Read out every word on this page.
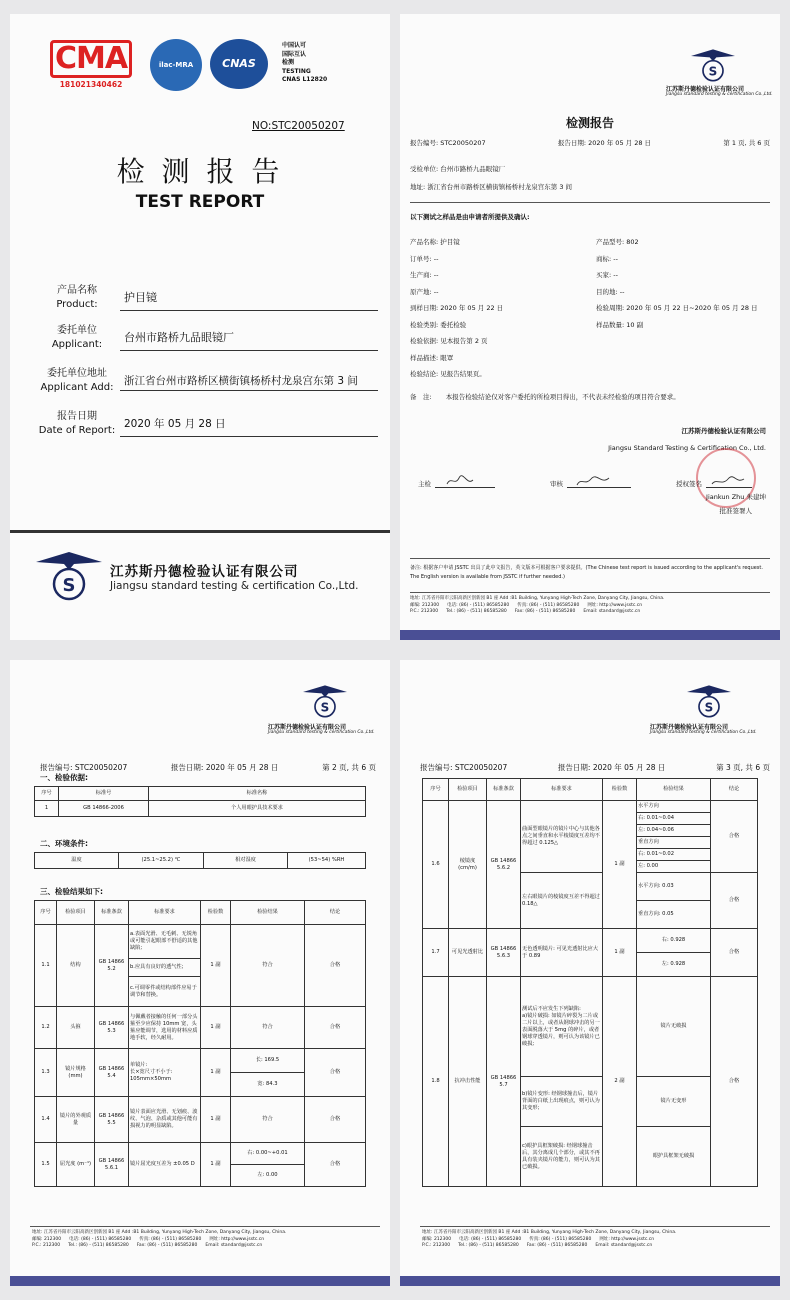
CMA
181021340462
ilac-MRA	CNAS
中国认可
国际互认
检测
TESTING
CNAS L12820
NO:STC20050207
检 测 报 告
TEST REPORT
产品名称
Product:
护目镜
委托单位
Applicant:
台州市路桥九品眼镜厂
委托单位地址
Applicant Add:
浙江省台州市路桥区横街镇杨桥村龙泉宫东第 3 间
报告日期
Date of Report:
2020 年 05 月 28 日
S
江苏斯丹德检验认证有限公司
Jiangsu standard testing & certification Co.,Ltd.
S
江苏斯丹德检验认证有限公司
Jiangsu standard testing & certification Co.,Ltd.
检测报告
报告编号: STC20050207	报告日期: 2020 年 05 月 28 日	第 1 页, 共 6 页
受检单位: 台州市路桥九品眼镜厂
地址: 浙江省台州市路桥区横街镇杨桥村龙泉宫东第 3 间
以下测试之样品是由申请者所提供及确认:
产品名称: 护目镜
订单号: --
生产商: --
原产地: --
到样日期: 2020 年 05 月 22 日
检验类别: 委托检验
检验依据: 见本报告第 2 页
样品描述: 眼罩
检验结论: 见报告结果页。
产品型号: 802
商标: --
买家: --
目的地: --
检验周期: 2020 年 05 月 22 日~2020 年 05 月 28 日
样品数量: 10 副
备　注: 本报告检验结论仅对客户委托的所检项目得出，不代表未经检验的项目符合要求。
江苏斯丹德检验认证有限公司
Jiangsu Standard Testing & Certification Co., Ltd.
主检	审核	授权签名
Jiankun Zhu 朱建坤
批准签署人
备注: 根据客户申请 JSSTC 出具了此中文报告，英文版本可根据客户要求提供。(The Chinese test report is issued according to the applicant's request. The English version is available from JSSTC if further needed.)
地址: 江苏省丹阳市云阳高新区创新园 B1 座 Add :B1 Building, Yunyang High-Tech Zone, Danyang City, Jiangsu, China.
邮编: 212300 电话: (86) - (511) 86585280 传真: (86) - (511) 86585280 网址: http://www.jsstc.cn
P.C.: 212300 Tel.: (86) - (511) 86585280 Fax: (86) - (511) 86585280 Email: standard@jsstc.cn
S
江苏斯丹德检验认证有限公司
Jiangsu standard testing & certification Co.,Ltd.
报告编号: STC20050207	报告日期: 2020 年 05 月 28 日	第 2 页, 共 6 页
一、检验依据:
序号	标准号	标准名称
1	GB 14866-2006	个人用眼护具技术要求
二、环境条件:
温度	(25.1~25.2) ℃	相对湿度	(53~54) %RH
三、检验结果如下:
序号	检验项目	标准条款	标准要求	检验数	检验结果	结论
1.1	结构	GB 14866 5.2	a.表面光滑、无毛刺、无锐角或可能引起眼部不舒适的其他缺陷;	1 副	符合	合格
			b.应具有良好的透气性;			
			c.可调零件或结构部件应易于调节和替换。			
1.2	头箍	GB 14866 5.3	与佩戴者接触的任何一部分头箍至少应保持 10mm 宽，头箍应能调节，选用的材料应质地手软，经久耐用。	1 副	符合	合格
1.3	镜片规格 (mm)	GB 14866 5.4	单镜片:
长×宽尺寸不小于:
105mm×50mm	1 副	长: 169.5	合格
					宽: 84.3	
1.4	镜片的外观质量	GB 14866 5.5	镜片表面应光滑、无划痕、波纹、气泡、杂质或其他可能有损视力的明显缺陷。	1 副	符合	合格
1.5	屈光度 (m⁻¹)	GB 14866 5.6.1	镜片屈光度互差为 ±0.05 D	1 副	右: 0.00~+0.01	合格
					左: 0.00	
地址: 江苏省丹阳市云阳高新区创新园 B1 座 Add :B1 Building, Yunyang High-Tech Zone, Danyang City, Jiangsu, China.
邮编: 212300 电话: (86) - (511) 86585280 传真: (86) - (511) 86585280 网址: http://www.jsstc.cn
P.C.: 212300 Tel.: (86) - (511) 86585280 Fax: (86) - (511) 86585280 Email: standard@jsstc.cn
S
江苏斯丹德检验认证有限公司
Jiangsu standard testing & certification Co.,Ltd.
报告编号: STC20050207	报告日期: 2020 年 05 月 28 日	第 3 页, 共 6 页
序号	检验项目	标准条款	标准要求	检验数	检验结果	结论
1.6	棱镜度 (cm/m)	GB 14866 5.6.2	曲面型眼镜片的镜片中心与其他各点之间垂直和水平棱镜度互差均不得超过 0.125△	1 副	水平方向	合格
					右: 0.01~0.04	
					左: 0.04~0.06	
					垂直方向	
					右: 0.01~0.02	
					左: 0.00	
			左右眼镜片的棱镜度互差不得超过 0.18△		水平方向: 0.03	合格
					垂直方向: 0.05	
1.7	可见光透射比	GB 14866 5.6.3	无色透明镜片: 可见光透射比应大于 0.89	1 副	右: 0.928	合格
					左: 0.928	
1.8	抗冲击性能	GB 14866 5.7	测试后不应发生下列缺陷:
a)镜片破损: 如镜片碎裂为二片或二片以上，或者从钢球冲击的另一表面脱落大于 5mg 的碎片，或者钢球穿透镜片，则可认为该镜片已破损;	2 副	镜片无破损	合格
			b)镜片变形: 经钢球撞击后，镜片背面的白纸上出现痕点，则可认为其变形;		镜片无变形	
			c)眼护具框架破损: 经钢球撞击后，其分离成几个部分，或其不再具有装夹镜片的能力，则可认为其已破损。		眼护具框架无破损	
地址: 江苏省丹阳市云阳高新区创新园 B1 座 Add :B1 Building, Yunyang High-Tech Zone, Danyang City, Jiangsu, China.
邮编: 212300 电话: (86) - (511) 86585280 传真: (86) - (511) 86585280 网址: http://www.jsstc.cn
P.C.: 212300 Tel.: (86) - (511) 86585280 Fax: (86) - (511) 86585280 Email: standard@jsstc.cn
